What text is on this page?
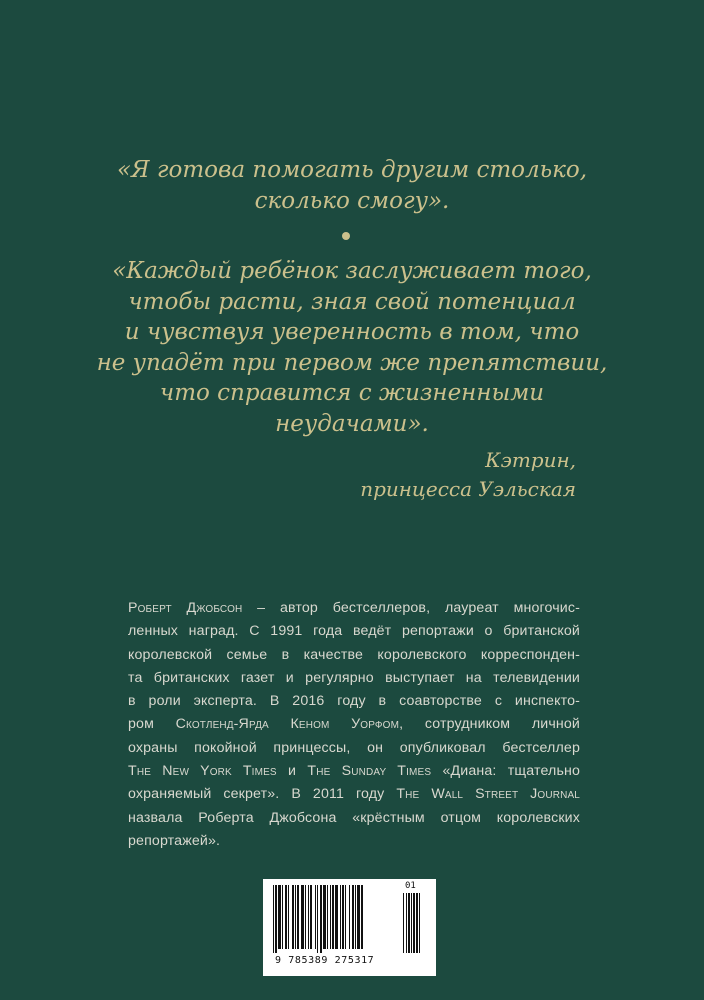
«Я готова помогать другим столько,
сколько смогу».
«Каждый ребёнок заслуживает того,
чтобы расти, зная свой потенциал
и чувствуя уверенность в том, что
не упадёт при первом же препятствии,
что справится с жизненными
неудачами».
Кэтрин,
принцесса Уэльская
Роберт Джобсон – автор бестселлеров, лауреат многочис-
ленных наград. С 1991 года ведёт репортажи о британской
королевской семье в качестве королевского корреспонден-
та британских газет и регулярно выступает на телевидении
в роли эксперта. В 2016 году в соавторстве с инспекто-
ром Скотленд-Ярда Кеном Уорфом, сотрудником личной
охраны покойной принцессы, он опубликовал бестселлер
The New York Times и The Sunday Times «Диана: тщательно
охраняемый секрет». В 2011 году The Wall Street Journal
назвала Роберта Джобсона «крёстным отцом королевских
репортажей».
9 785389 275317
01
